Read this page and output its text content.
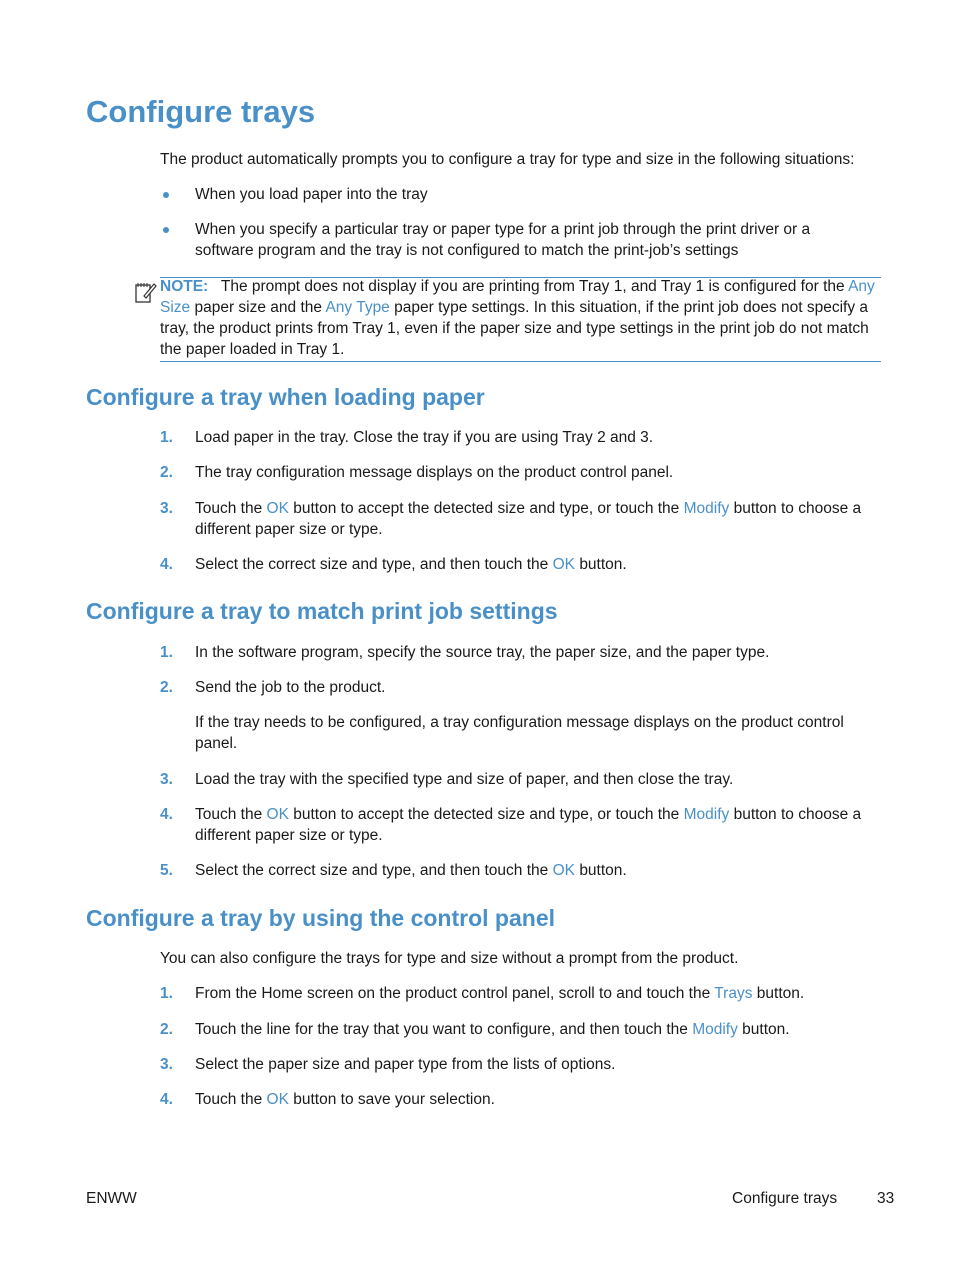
Configure trays

The product automatically prompts you to configure a tray for type and size in the following situations:

When you load paper into the tray

When you specify a particular tray or paper type for a print job through the print driver or a software program and the tray is not configured to match the print-job’s settings

NOTE: The prompt does not display if you are printing from Tray 1, and Tray 1 is configured for the Any Size paper size and the Any Type paper type settings. In this situation, if the print job does not specify a tray, the product prints from Tray 1, even if the paper size and type settings in the print job do not match the paper loaded in Tray 1.

Configure a tray when loading paper
1. Load paper in the tray. Close the tray if you are using Tray 2 and 3.

2. The tray configuration message displays on the product control panel.

3. Touch the OK button to accept the detected size and type, or touch the Modify button to choose a different paper size or type.

4. Select the correct size and type, and then touch the OK button.

Configure a tray to match print job settings
1. In the software program, specify the source tray, the paper size, and the paper type.

2. Send the job to the product.

If the tray needs to be configured, a tray configuration message displays on the product control panel.

3. Load the tray with the specified type and size of paper, and then close the tray.

4. Touch the OK button to accept the detected size and type, or touch the Modify button to choose a different paper size or type.

5. Select the correct size and type, and then touch the OK button.

Configure a tray by using the control panel

You can also configure the trays for type and size without a prompt from the product.

1. From the Home screen on the product control panel, scroll to and touch the Trays button.

2. Touch the line for the tray that you want to configure, and then touch the Modify button.

3. Select the paper size and paper type from the lists of options.

4. Touch the OK button to save your selection.

ENWW	Configure trays	33
